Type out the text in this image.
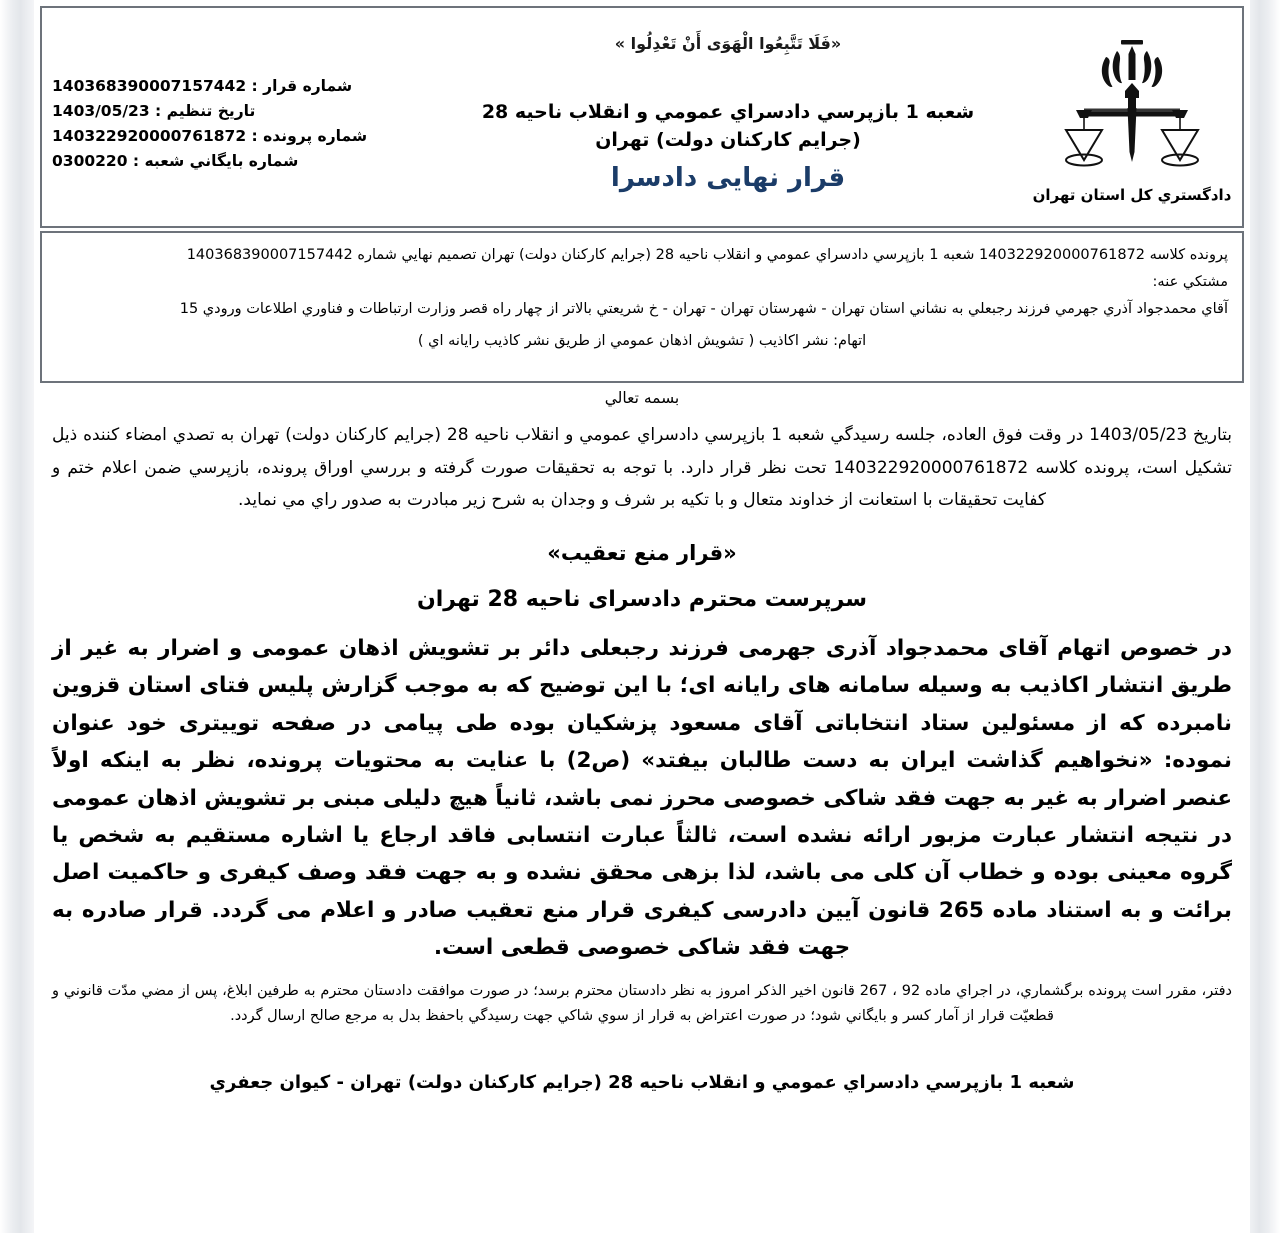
دادگستري كل استان تهران
«فَلَا تَتَّبِعُوا الْهَوَى أَنْ تَعْدِلُوا »
شعبه 1 بازپرسي دادسراي عمومي و انقلاب ناحيه 28 (جرايم كاركنان دولت) تهران
قرار نهایی دادسرا
شماره قرار : 140368390007157442
تاريخ تنظيم : 1403/05/23
شماره پرونده : 140322920000761872
شماره بايگاني شعبه : 0300220

پرونده كلاسه 140322920000761872 شعبه 1 بازپرسي دادسراي عمومي و انقلاب ناحيه 28 (جرايم كاركنان دولت) تهران تصميم نهايي شماره 140368390007157442

مشتكي عنه:

آقاي محمدجواد آذري جهرمي فرزند رجبعلي به نشاني استان تهران - شهرستان تهران - تهران - خ شريعتي بالاتر از چهار راه قصر وزارت ارتباطات و فناوري اطلاعات ورودي 15

اتهام: نشر اكاذيب ( تشويش اذهان عمومي از طريق نشر كاذيب رايانه اي )

بسمه تعالي

بتاريخ 1403/05/23 در وقت فوق العاده، جلسه رسيدگي شعبه 1 بازپرسي دادسراي عمومي و انقلاب ناحيه 28 (جرايم كاركنان دولت) تهران به تصدي امضاء كننده ذيل تشكيل است، پرونده كلاسه 140322920000761872 تحت نظر قرار دارد. با توجه به تحقيقات صورت گرفته و بررسي اوراق پرونده، بازپرسي ضمن اعلام ختم و كفايت تحقيقات با استعانت از خداوند متعال و با تكيه بر شرف و وجدان به شرح زير مبادرت به صدور راي مي نمايد.

«قرار منع تعقيب»
سرپرست محترم دادسرای ناحیه 28 تهران

در خصوص اتهام آقای محمدجواد آذری جهرمی فرزند رجبعلی دائر بر تشویش اذهان عمومی و اضرار به غیر از طریق انتشار اکاذیب به وسیله سامانه های رایانه ای؛ با این توضیح که به موجب گزارش پلیس فتای استان قزوین نامبرده که از مسئولین ستاد انتخاباتی آقای مسعود پزشکیان بوده طی پیامی در صفحه توییتری خود عنوان نموده: «نخواهیم گذاشت ایران به دست طالبان بیفتد» (ص2) با عنایت به محتویات پرونده، نظر به اینکه اولاً عنصر اضرار به غیر به جهت فقد شاکی خصوصی محرز نمی باشد، ثانیاً هیچ دلیلی مبنی بر تشویش اذهان عمومی در نتیجه انتشار عبارت مزبور ارائه نشده است، ثالثاً عبارت انتسابی فاقد ارجاع یا اشاره مستقیم به شخص یا گروه معینی بوده و خطاب آن کلی می باشد، لذا بزهی محقق نشده و به جهت فقد وصف کیفری و حاکمیت اصل برائت و به استناد ماده 265 قانون آیین دادرسی کیفری قرار منع تعقیب صادر و اعلام می گردد. قرار صادره به جهت فقد شاکی خصوصی قطعی است.

دفتر، مقرر است پرونده برگشماري، در اجراي ماده 92 ، 267 قانون اخير الذكر امروز به نظر دادستان محترم برسد؛ در صورت موافقت دادستان محترم به طرفين ابلاغ، پس از مضي مدّت قانوني و قطعيّت قرار از آمار كسر و بايگاني شود؛ در صورت اعتراض به قرار از سوي شاكي جهت رسيدگي باحفظ بدل به مرجع صالح ارسال گردد.

شعبه 1 بازپرسي دادسراي عمومي و انقلاب ناحيه 28 (جرايم كاركنان دولت) تهران - كيوان جعفري
